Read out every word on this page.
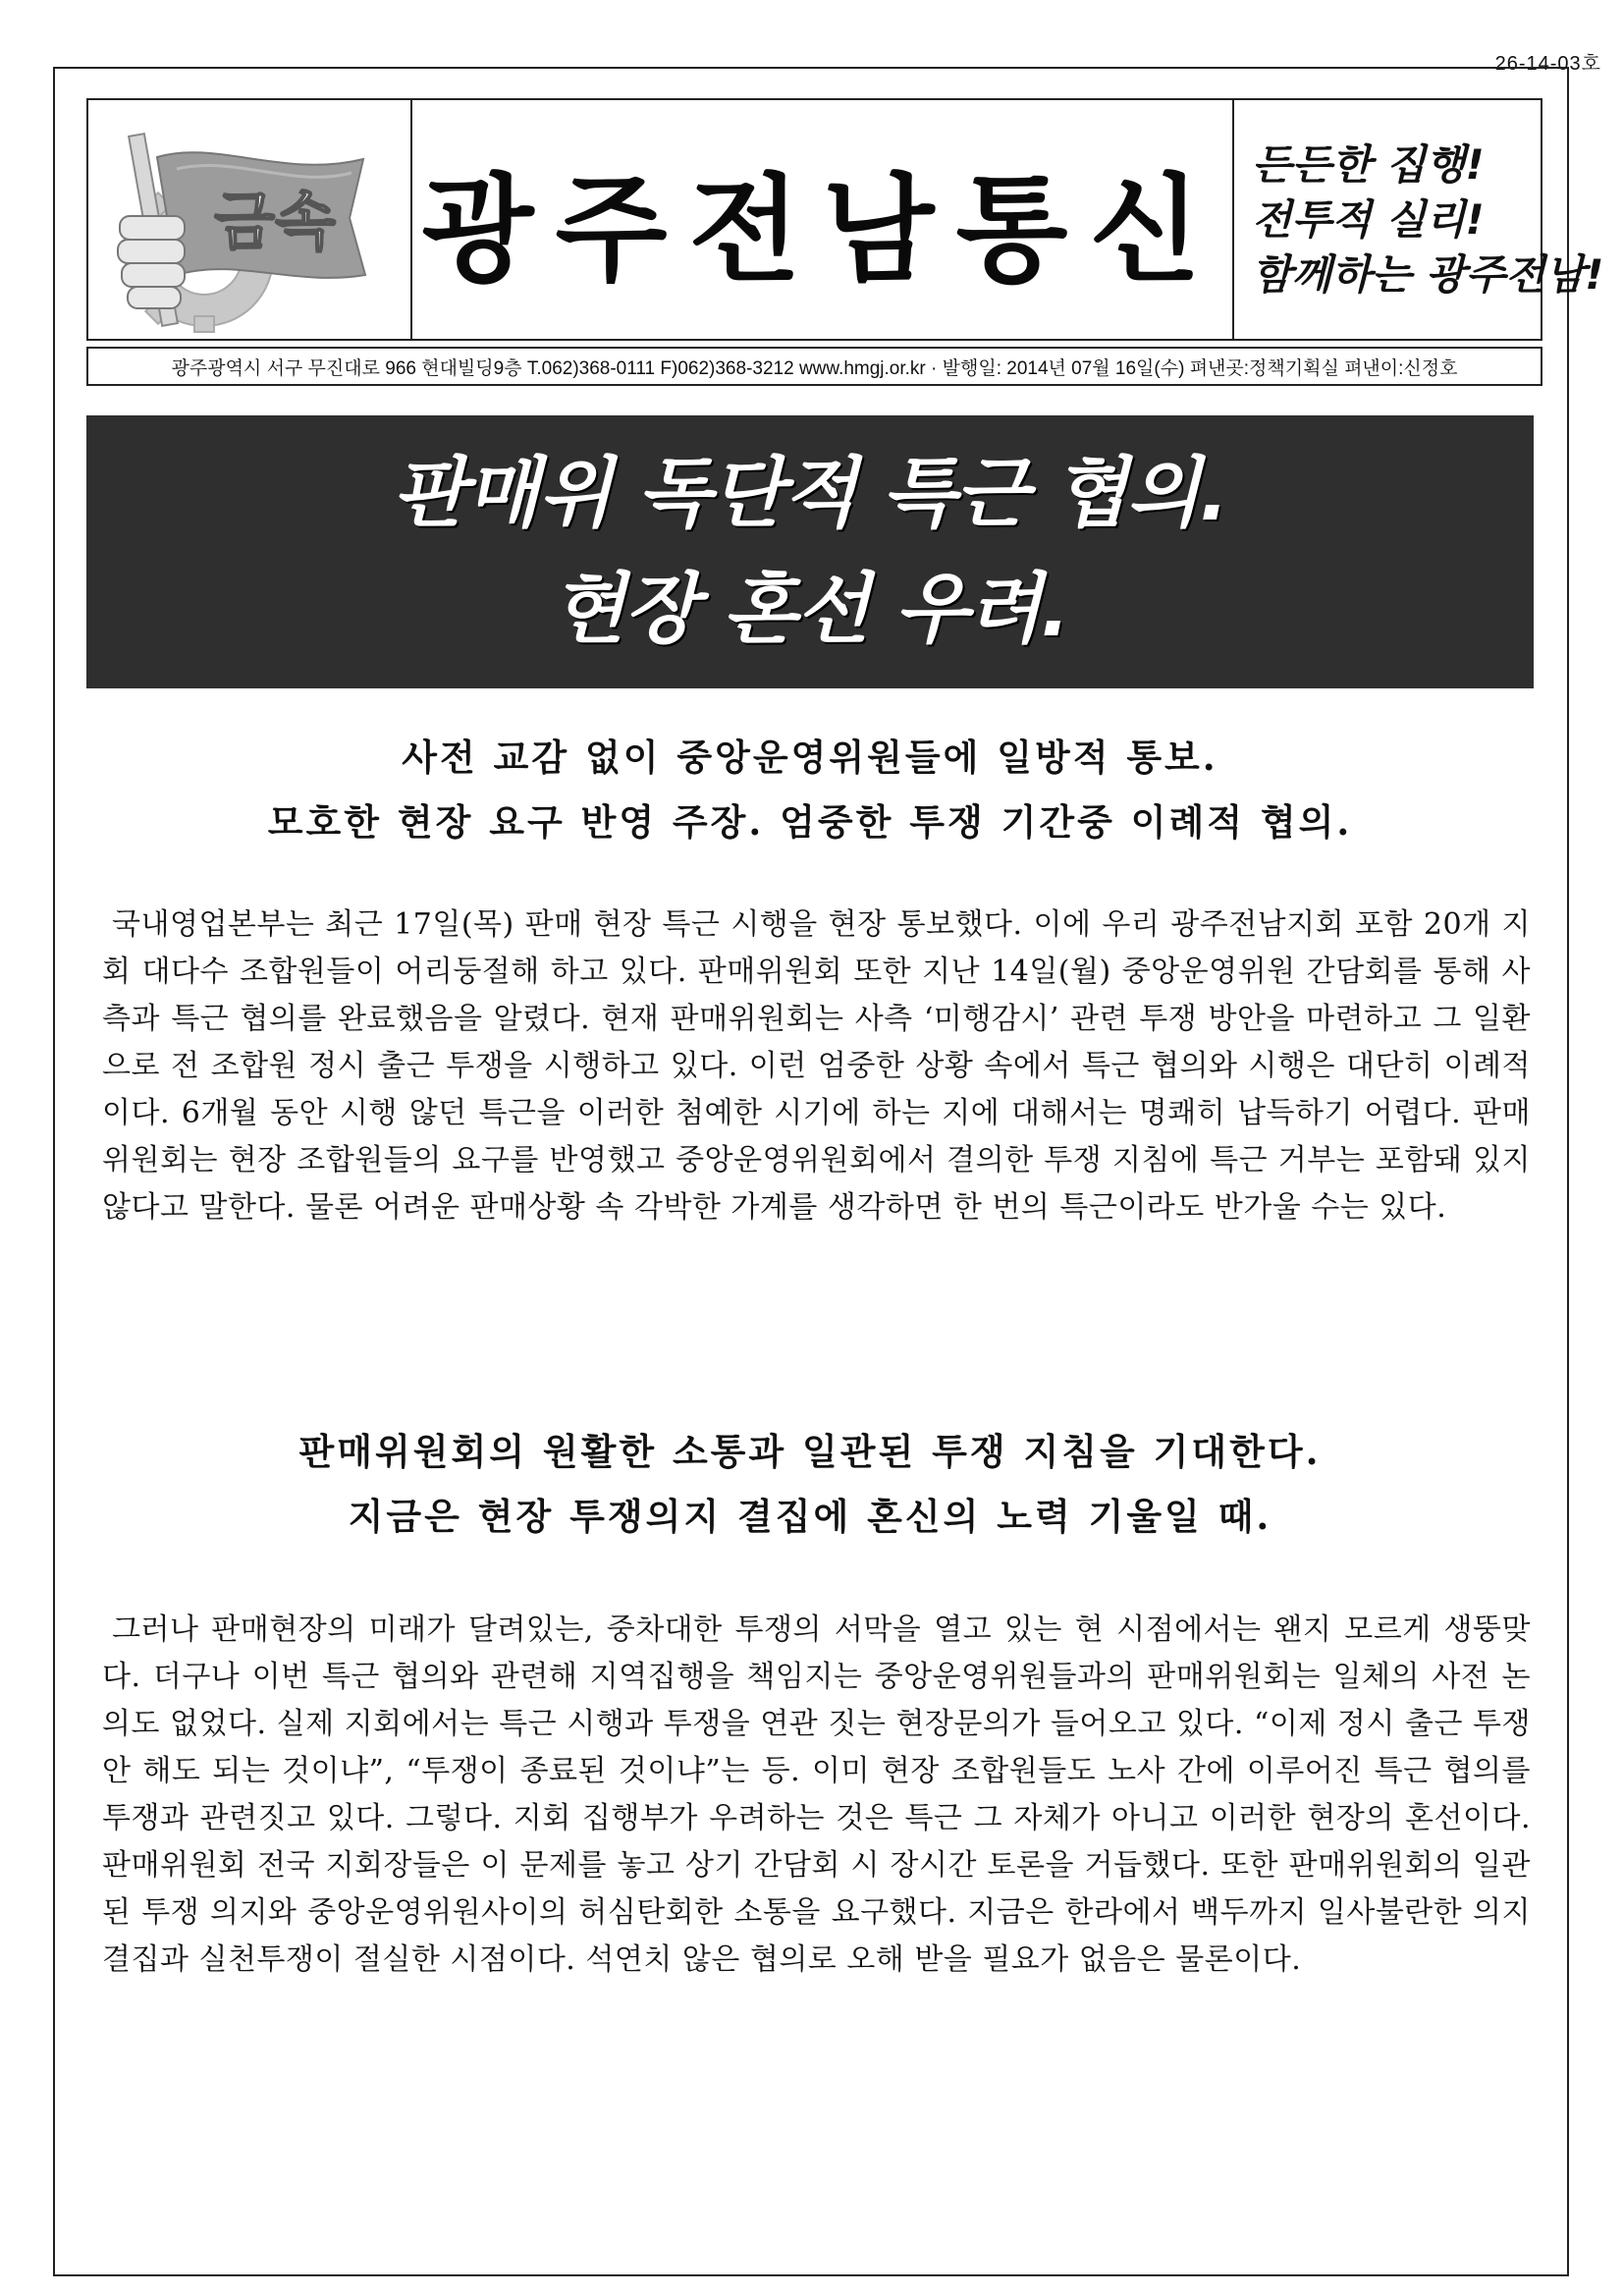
26-14-03호
금속 광주전남통신 든든한 집행!
전투적 실리!
함께하는 광주전남!
광주광역시 서구 무진대로 966 현대빌딩9층 T.062)368-0111 F)062)368-3212 www.hmgj.or.kr · 발행일: 2014년 07월 16일(수) 펴낸곳:정책기획실 펴낸이:신정호
판매위 독단적 특근 협의.
현장 혼선 우려.
사전 교감 없이 중앙운영위원들에 일방적 통보.
모호한 현장 요구 반영 주장. 엄중한 투쟁 기간중 이례적 협의.

국내영업본부는 최근 17일(목) 판매 현장 특근 시행을 현장 통보했다. 이에 우리 광주전남지회 포함 20개 지회 대다수 조합원들이 어리둥절해 하고 있다. 판매위원회 또한 지난 14일(월) 중앙운영위원 간담회를 통해 사측과 특근 협의를 완료했음을 알렸다. 현재 판매위원회는 사측 ‘미행감시’ 관련 투쟁 방안을 마련하고 그 일환으로 전 조합원 정시 출근 투쟁을 시행하고 있다. 이런 엄중한 상황 속에서 특근 협의와 시행은 대단히 이례적이다. 6개월 동안 시행 않던 특근을 이러한 첨예한 시기에 하는 지에 대해서는 명쾌히 납득하기 어렵다. 판매위원회는 현장 조합원들의 요구를 반영했고 중앙운영위원회에서 결의한 투쟁 지침에 특근 거부는 포함돼 있지 않다고 말한다. 물론 어려운 판매상황 속 각박한 가계를 생각하면 한 번의 특근이라도 반가울 수는 있다.

판매위원회의 원활한 소통과 일관된 투쟁 지침을 기대한다.
지금은 현장 투쟁의지 결집에 혼신의 노력 기울일 때.

그러나 판매현장의 미래가 달려있는, 중차대한 투쟁의 서막을 열고 있는 현 시점에서는 왠지 모르게 생뚱맞다. 더구나 이번 특근 협의와 관련해 지역집행을 책임지는 중앙운영위원들과의 판매위원회는 일체의 사전 논의도 없었다. 실제 지회에서는 특근 시행과 투쟁을 연관 짓는 현장문의가 들어오고 있다. “이제 정시 출근 투쟁 안 해도 되는 것이냐”, “투쟁이 종료된 것이냐”는 등. 이미 현장 조합원들도 노사 간에 이루어진 특근 협의를 투쟁과 관련짓고 있다. 그렇다. 지회 집행부가 우려하는 것은 특근 그 자체가 아니고 이러한 현장의 혼선이다. 판매위원회 전국 지회장들은 이 문제를 놓고 상기 간담회 시 장시간 토론을 거듭했다. 또한 판매위원회의 일관된 투쟁 의지와 중앙운영위원사이의 허심탄회한 소통을 요구했다. 지금은 한라에서 백두까지 일사불란한 의지 결집과 실천투쟁이 절실한 시점이다. 석연치 않은 협의로 오해 받을 필요가 없음은 물론이다.
